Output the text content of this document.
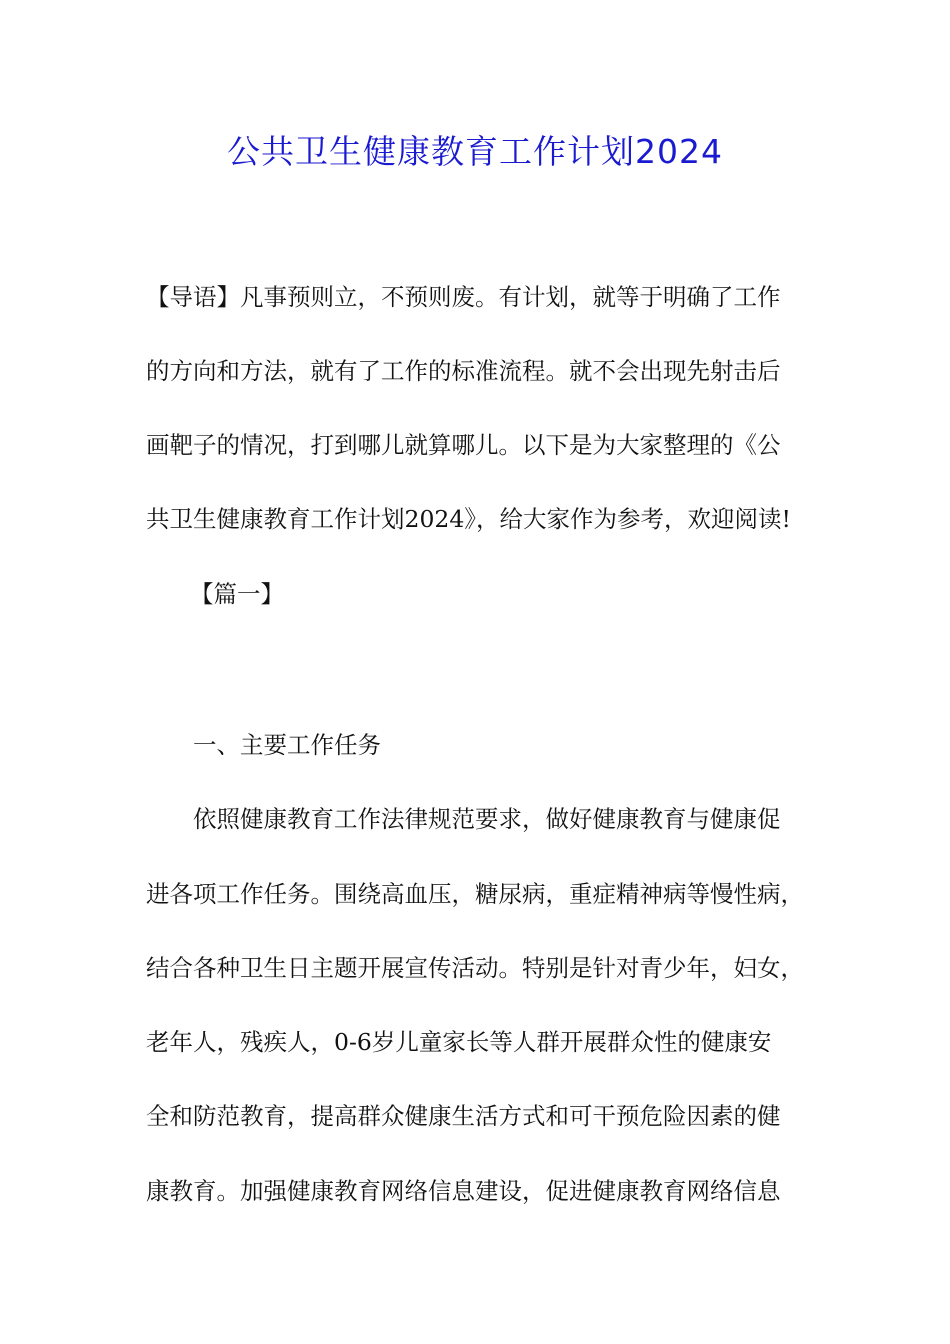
公共卫生健康教育工作计划2024
【导语】凡事预则立，不预则废。有计划，就等于明确了工作
的方向和方法，就有了工作的标准流程。就不会出现先射击后
画靶子的情况，打到哪儿就算哪儿。以下是为大家整理的《公
共卫生健康教育工作计划2024》，给大家作为参考，欢迎阅读!
【篇一】
一、主要工作任务
依照健康教育工作法律规范要求，做好健康教育与健康促
进各项工作任务。围绕高血压，糖尿病，重症精神病等慢性病，
结合各种卫生日主题开展宣传活动。特别是针对青少年，妇女，
老年人，残疾人，0-6岁儿童家长等人群开展群众性的健康安
全和防范教育，提高群众健康生活方式和可干预危险因素的健
康教育。加强健康教育网络信息建设，促进健康教育网络信息
